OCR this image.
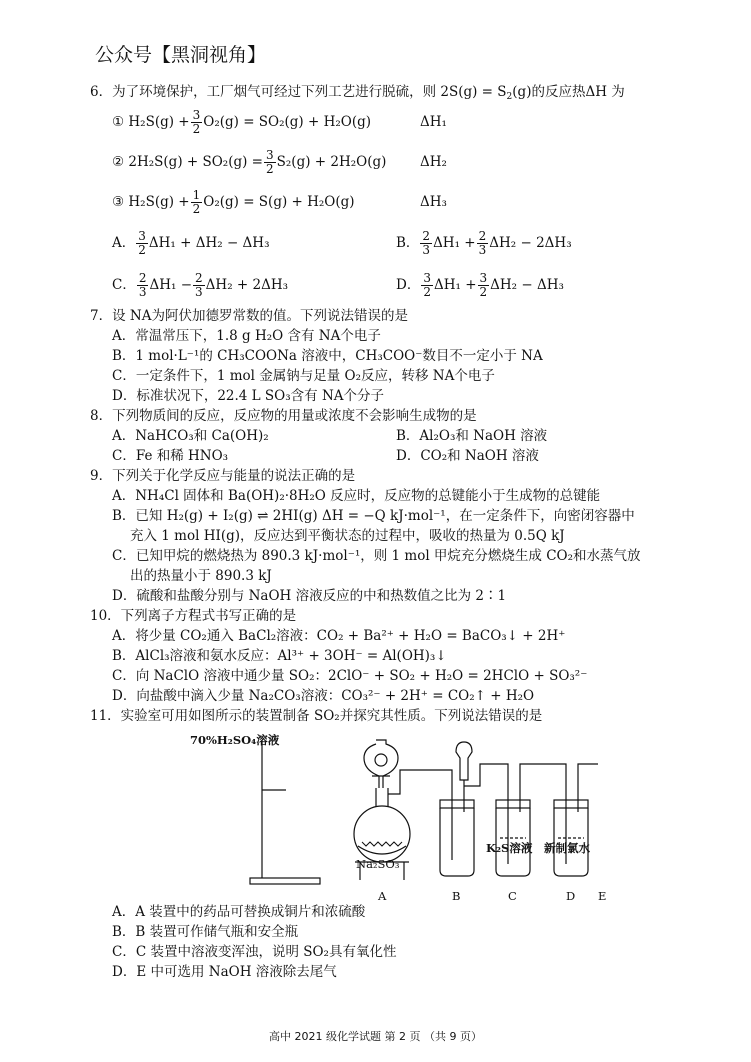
公众号【黑洞视角】

6．为了环境保护，工厂烟气可经过下列工艺进行脱硫，则 $2S(g) = S_2(g)$的反应热ΔH 为

① $H_2S(g) + \frac{3}{2} O_2(g) = SO_2(g) + H_2O(g)$	ΔH₁
② $2H_2S(g) + SO_2(g) = \frac{3}{2} S_2(g) + 2H_2O(g)$ ΔH₂
③ $H_2S(g) + \frac{1}{2} O_2(g) = S(g) + H_2O(g)$	ΔH₃
A． $\frac{3}{2} \Delta H_1 + \Delta H_2 - \Delta H_3$	B． $\frac{2}{3} \Delta H_1 + \frac{2}{3} \Delta H_2 - 2\Delta H_3$
C． $\frac{2}{3} \Delta H_1 - \frac{2}{3} \Delta H_2 + 2\Delta H_3$	D． $\frac{3}{2} \Delta H_1 + \frac{3}{2} \Delta H_2 - \Delta H_3$

7．设 NA为阿伏加德罗常数的值。下列说法错误的是

A．常温常压下，1.8 g H₂O 含有 NA个电子

B．1 mol·L⁻¹的 CH₃COONa 溶液中，CH₃COO⁻数目不一定小于 NA

C．一定条件下，1 mol 金属钠与足量 O₂反应，转移 NA个电子

D．标准状况下，22.4 L SO₃含有 NA个分子

8．下列物质间的反应，反应物的用量或浓度不会影响生成物的是

A．NaHCO₃和 Ca(OH)₂	B．Al₂O₃和 NaOH 溶液
C．Fe 和稀 HNO₃	D．CO₂和 NaOH 溶液

9．下列关于化学反应与能量的说法正确的是

A．NH₄Cl 固体和 Ba(OH)₂·8H₂O 反应时，反应物的总键能小于生成物的总键能

B．已知 H₂(g) + I₂(g) ⇌ 2HI(g) ΔH = −Q kJ·mol⁻¹，在一定条件下，向密闭容器中

充入 1 mol HI(g)，反应达到平衡状态的过程中，吸收的热量为 0.5Q kJ

C．已知甲烷的燃烧热为 890.3 kJ·mol⁻¹，则 1 mol 甲烷充分燃烧生成 CO₂和水蒸气放

出的热量小于 890.3 kJ

D．硫酸和盐酸分别与 NaOH 溶液反应的中和热数值之比为 2∶1

10．下列离子方程式书写正确的是

A．将少量 CO₂通入 BaCl₂溶液：CO₂ + Ba²⁺ + H₂O = BaCO₃↓ + 2H⁺

B．AlCl₃溶液和氨水反应：Al³⁺ + 3OH⁻ = Al(OH)₃↓

C．向 NaClO 溶液中通少量 SO₂：2ClO⁻ + SO₂ + H₂O = 2HClO + SO₃²⁻

D．向盐酸中滴入少量 Na₂CO₃溶液：CO₃²⁻ + 2H⁺ = CO₂↑ + H₂O

11．实验室可用如图所示的装置制备 SO₂并探究其性质。下列说法错误的是

70%H₂SO₄溶液
Na₂SO₃
K₂S溶液 新制氯水
A	B	C	D E

A．A 装置中的药品可替换成铜片和浓硫酸

B．B 装置可作储气瓶和安全瓶

C．C 装置中溶液变浑浊，说明 SO₂具有氧化性

D．E 中可选用 NaOH 溶液除去尾气

高中 2021 级化学试题 第 2 页 （共 9 页）
